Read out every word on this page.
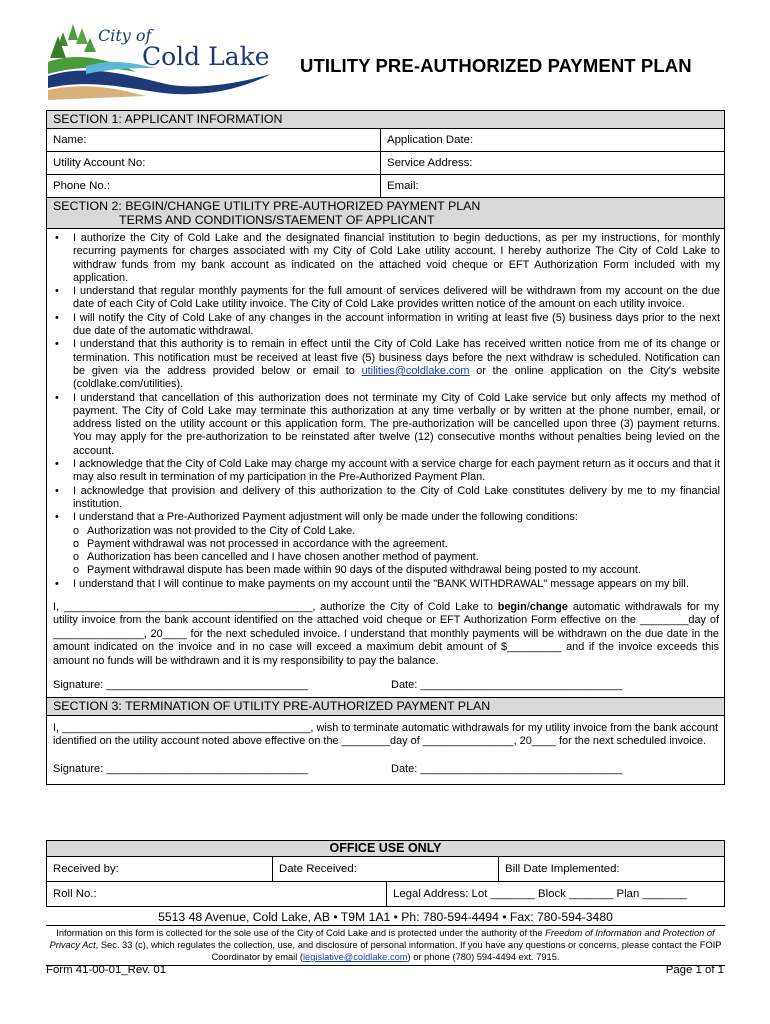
City of
Cold Lake UTILITY PRE-AUTHORIZED PAYMENT PLAN
SECTION 1: APPLICANT INFORMATION
Name:	Application Date:
Utility Account No:	Service Address:
Phone No.:	Email:
SECTION 2: BEGIN/CHANGE UTILITY PRE-AUTHORIZED PAYMENT PLAN
TERMS AND CONDITIONS/STAEMENT OF APPLICANT
• I authorize the City of Cold Lake and the designated financial institution to begin deductions, as per my instructions, for monthly recurring payments for charges associated with my City of Cold Lake utility account. I hereby authorize The City of Cold Lake to withdraw funds from my bank account as indicated on the attached void cheque or EFT Authorization Form included with my application.
• I understand that regular monthly payments for the full amount of services delivered will be withdrawn from my account on the due date of each City of Cold Lake utility invoice. The City of Cold Lake provides written notice of the amount on each utility invoice.
• I will notify the City of Cold Lake of any changes in the account information in writing at least five (5) business days prior to the next due date of the automatic withdrawal.
• I understand that this authority is to remain in effect until the City of Cold Lake has received written notice from me of its change or termination. This notification must be received at least five (5) business days before the next withdraw is scheduled. Notification can be given via the address provided below or email to utilities@coldlake.com or the online application on the City's website (coldlake.com/utilities).
• I understand that cancellation of this authorization does not terminate my City of Cold Lake service but only affects my method of payment. The City of Cold Lake may terminate this authorization at any time verbally or by written at the phone number, email, or address listed on the utility account or this application form. The pre-authorization will be cancelled upon three (3) payment returns. You may apply for the pre-authorization to be reinstated after twelve (12) consecutive months without penalties being levied on the account.
• I acknowledge that the City of Cold Lake may charge my account with a service charge for each payment return as it occurs and that it may also result in termination of my participation in the Pre-Authorized Payment Plan.
• I acknowledge that provision and delivery of this authorization to the City of Cold Lake constitutes delivery by me to my financial institution.
• I understand that a Pre-Authorized Payment adjustment will only be made under the following conditions:
o Authorization was not provided to the City of Cold Lake.
o Payment withdrawal was not processed in accordance with the agreement.
o Authorization has been cancelled and I have chosen another method of payment.
o Payment withdrawal dispute has been made within 90 days of the disputed withdrawal being posted to my account.
• I understand that I will continue to make payments on my account until the "BANK WITHDRAWAL" message appears on my bill.
I, _________________________________________, authorize the City of Cold Lake to begin/change automatic withdrawals for my utility invoice from the bank account identified on the attached void cheque or EFT Authorization Form effective on the ________day of _______________, 20____ for the next scheduled invoice. I understand that monthly payments will be withdrawn on the due date in the amount indicated on the invoice and in no case will exceed a maximum debit amount of $_________ and if the invoice exceeds this amount no funds will be withdrawn and it is my responsibility to pay the balance.
Signature: _________________________________	Date: _________________________________
SECTION 3: TERMINATION OF UTILITY PRE-AUTHORIZED PAYMENT PLAN
I, _________________________________________, wish to terminate automatic withdrawals for my utility invoice from the bank account identified on the utility account noted above effective on the ________day of _______________, 20____ for the next scheduled invoice.
Signature: _________________________________	Date: _________________________________
OFFICE USE ONLY
Received by:	Date Received:	Bill Date Implemented:
Roll No.:	Legal Address: Lot _______ Block _______ Plan _______
5513 48 Avenue, Cold Lake, AB • T9M 1A1 • Ph: 780-594-4494 • Fax: 780-594-3480
Information on this form is collected for the sole use of the City of Cold Lake and is protected under the authority of the Freedom of Information and Protection of Privacy Act, Sec. 33 (c), which regulates the collection, use, and disclosure of personal information. If you have any questions or concerns, please contact the FOIP Coordinator by email (legislative@coldlake.com) or phone (780) 594-4494 ext. 7915.
Form 41-00-01_Rev. 01	Page 1 of 1
